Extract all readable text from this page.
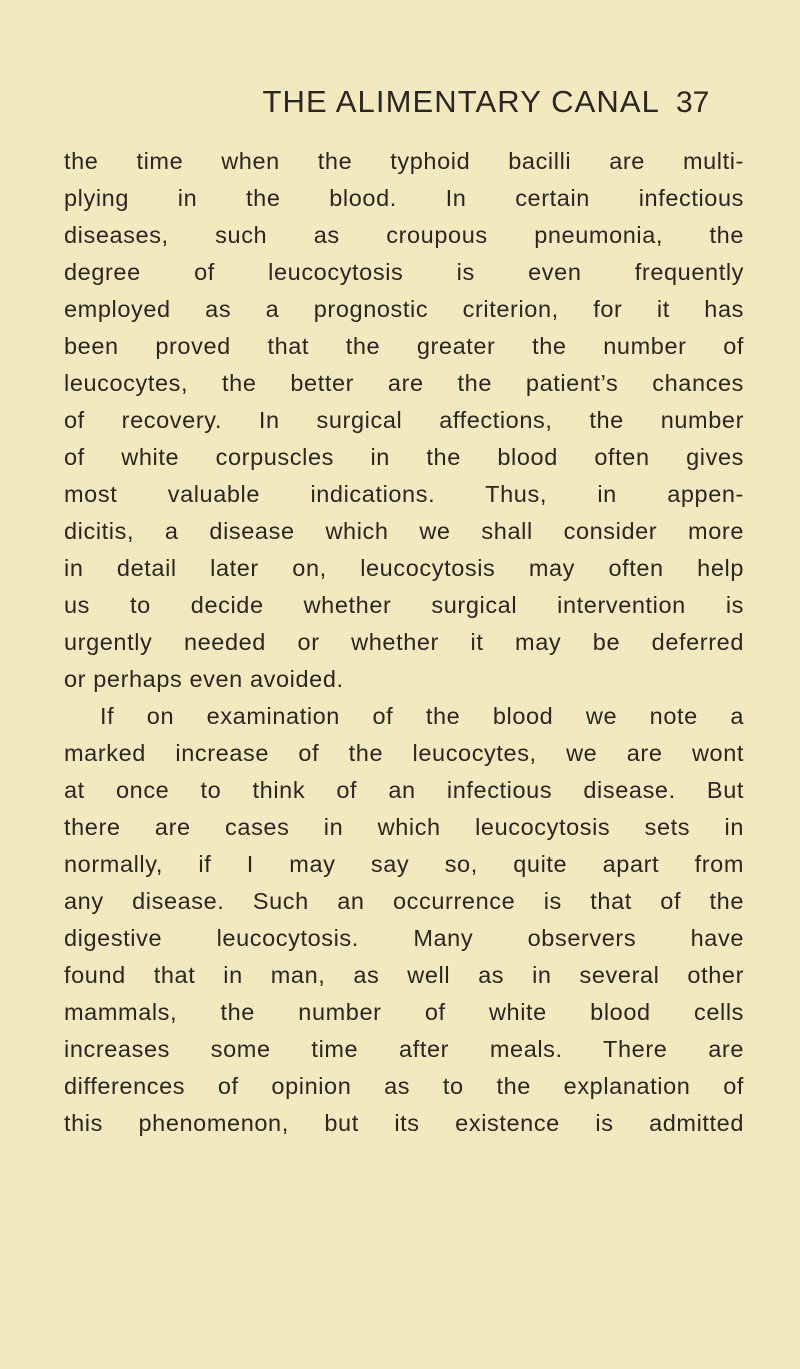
THE ALIMENTARY CANAL 37
the time when the typhoid bacilli are multi-
plying in the blood. In certain infectious
diseases, such as croupous pneumonia, the
degree of leucocytosis is even frequently
employed as a prognostic criterion, for it has
been proved that the greater the number of
leucocytes, the better are the patient’s chances
of recovery. In surgical affections, the number
of white corpuscles in the blood often gives
most valuable indications. Thus, in appen-
dicitis, a disease which we shall consider more
in detail later on, leucocytosis may often help
us to decide whether surgical intervention is
urgently needed or whether it may be deferred
or perhaps even avoided.
If on examination of the blood we note a
marked increase of the leucocytes, we are wont
at once to think of an infectious disease. But
there are cases in which leucocytosis sets in
normally, if I may say so, quite apart from
any disease. Such an occurrence is that of the
digestive leucocytosis. Many observers have
found that in man, as well as in several other
mammals, the number of white blood cells
increases some time after meals. There are
differences of opinion as to the explanation of
this phenomenon, but its existence is admitted
